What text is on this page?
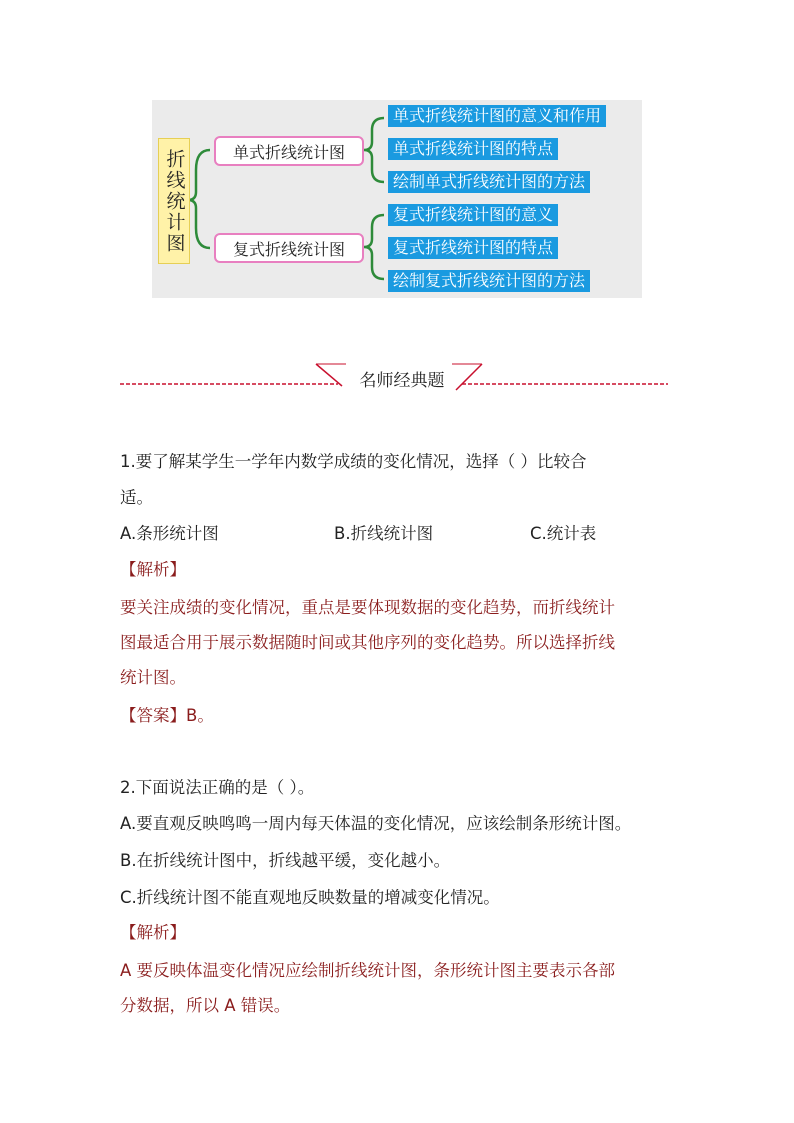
折线统计图	单式折线统计图
复式折线统计图
单式折线统计图的意义和作用
单式折线统计图的特点
绘制单式折线统计图的方法
复式折线统计图的意义
复式折线统计图的特点
绘制复式折线统计图的方法
名师经典题
1.要了解某学生一学年内数学成绩的变化情况，选择（ ）比较合
适。
A.条形统计图	B.折线统计图	C.统计表
【解析】
要关注成绩的变化情况，重点是要体现数据的变化趋势，而折线统计
图最适合用于展示数据随时间或其他序列的变化趋势。所以选择折线
统计图。
【答案】B。
2.下面说法正确的是（ ）。
A.要直观反映鸣鸣一周内每天体温的变化情况，应该绘制条形统计图。
B.在折线统计图中，折线越平缓，变化越小。
C.折线统计图不能直观地反映数量的增减变化情况。
【解析】
A 要反映体温变化情况应绘制折线统计图，条形统计图主要表示各部
分数据，所以 A 错误。
